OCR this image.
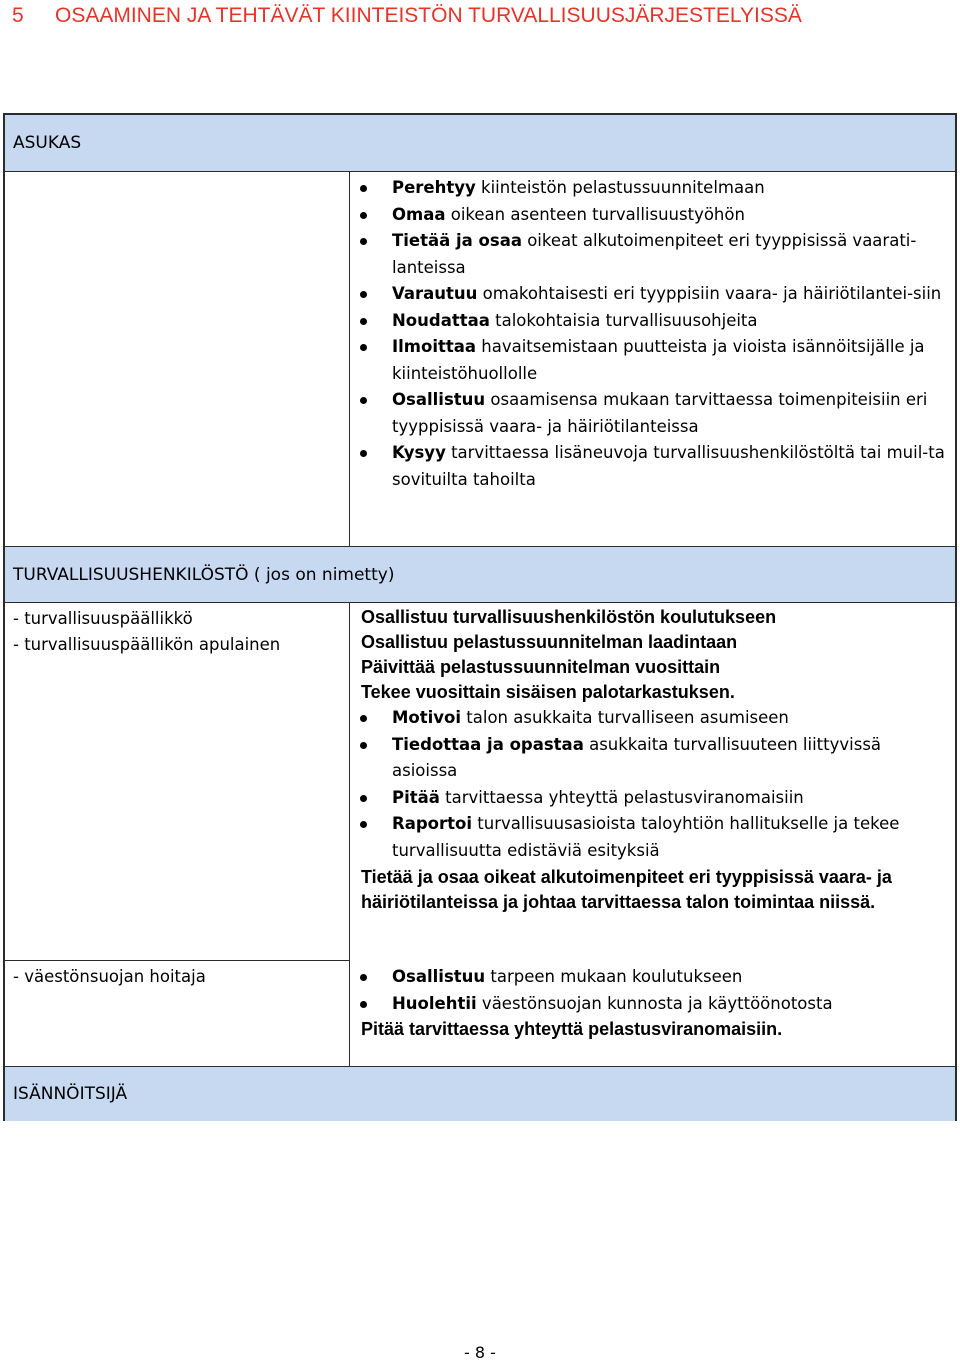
5 OSAAMINEN JA TEHTÄVÄT KIINTEISTÖN TURVALLISUUSJÄRJESTELYISSÄ
ASUKAS
Perehtyy kiinteistön pelastussuunnitelmaan
Omaa oikean asenteen turvallisuustyöhön
Tietää ja osaa oikeat alkutoimenpiteet eri tyyppisissä vaarati-lanteissa
Varautuu omakohtaisesti eri tyyppisiin vaara- ja häiriötilantei-siin
Noudattaa talokohtaisia turvallisuusohjeita
Ilmoittaa havaitsemistaan puutteista ja vioista isännöitsijälle ja kiinteistöhuollolle
Osallistuu osaamisensa mukaan tarvittaessa toimenpiteisiin eri tyyppisissä vaara- ja häiriötilanteissa
Kysyy tarvittaessa lisäneuvoja turvallisuushenkilöstöltä tai muil-ta sovituilta tahoilta
TURVALLISUUSHENKILÖSTÖ ( jos on nimetty)
- turvallisuuspäällikkö
- turvallisuuspäällikön apulainen
Osallistuu turvallisuushenkilöstön koulutukseen
Osallistuu pelastussuunnitelman laadintaan
Päivittää pelastussuunnitelman vuosittain
Tekee vuosittain sisäisen palotarkastuksen.
Motivoi talon asukkaita turvalliseen asumiseen
Tiedottaa ja opastaa asukkaita turvallisuuteen liittyvissä asioissa
Pitää tarvittaessa yhteyttä pelastusviranomaisiin
Raportoi turvallisuusasioista taloyhtiön hallitukselle ja tekee turvallisuutta edistäviä esityksiä
Tietää ja osaa oikeat alkutoimenpiteet eri tyyppisissä vaara- ja häiriötilanteissa ja johtaa tarvittaessa talon toimintaa niissä.
- väestönsuojan hoitaja	Osallistuu tarpeen mukaan koulutukseen
Huolehtii väestönsuojan kunnosta ja käyttöönotosta
Pitää tarvittaessa yhteyttä pelastusviranomaisiin.
ISÄNNÖITSIJÄ
- 8 -
